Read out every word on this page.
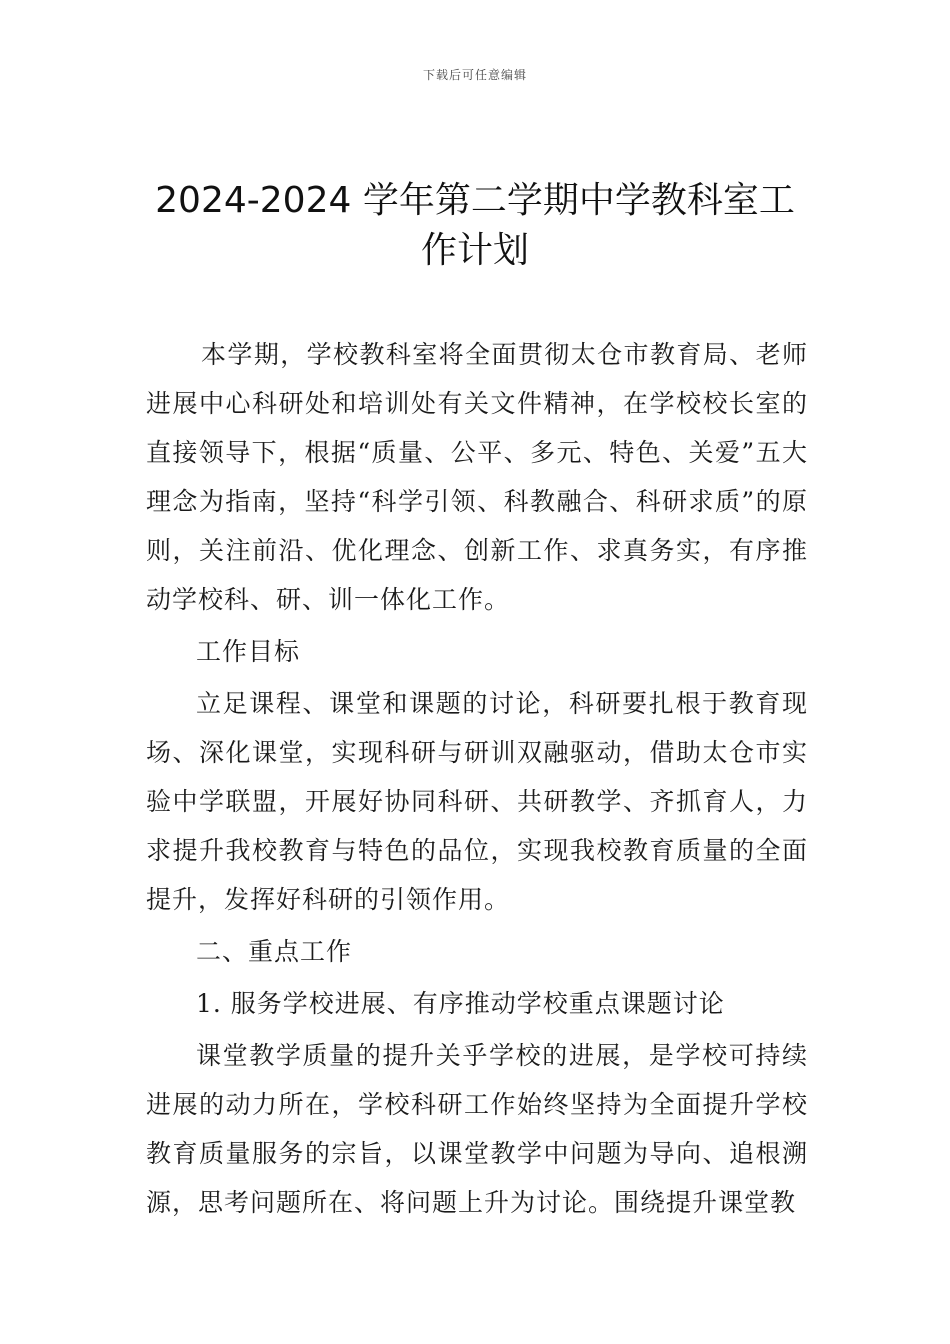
下载后可任意编辑
2024-2024 学年第二学期中学教科室工作计划

本学期，学校教科室将全面贯彻太仓市教育局、老师进展中心科研处和培训处有关文件精神，在学校校长室的直接领导下，根据“质量、公平、多元、特色、关爱”五大理念为指南，坚持“科学引领、科教融合、科研求质”的原则，关注前沿、优化理念、创新工作、求真务实，有序推动学校科、研、训一体化工作。

工作目标

立足课程、课堂和课题的讨论，科研要扎根于教育现场、深化课堂，实现科研与研训双融驱动，借助太仓市实验中学联盟，开展好协同科研、共研教学、齐抓育人，力求提升我校教育与特色的品位，实现我校教育质量的全面提升，发挥好科研的引领作用。

二、重点工作

1. 服务学校进展、有序推动学校重点课题讨论

课堂教学质量的提升关乎学校的进展，是学校可持续进展的动力所在，学校科研工作始终坚持为全面提升学校教育质量服务的宗旨，以课堂教学中问题为导向、追根溯源，思考问题所在、将问题上升为讨论。围绕提升课堂教
